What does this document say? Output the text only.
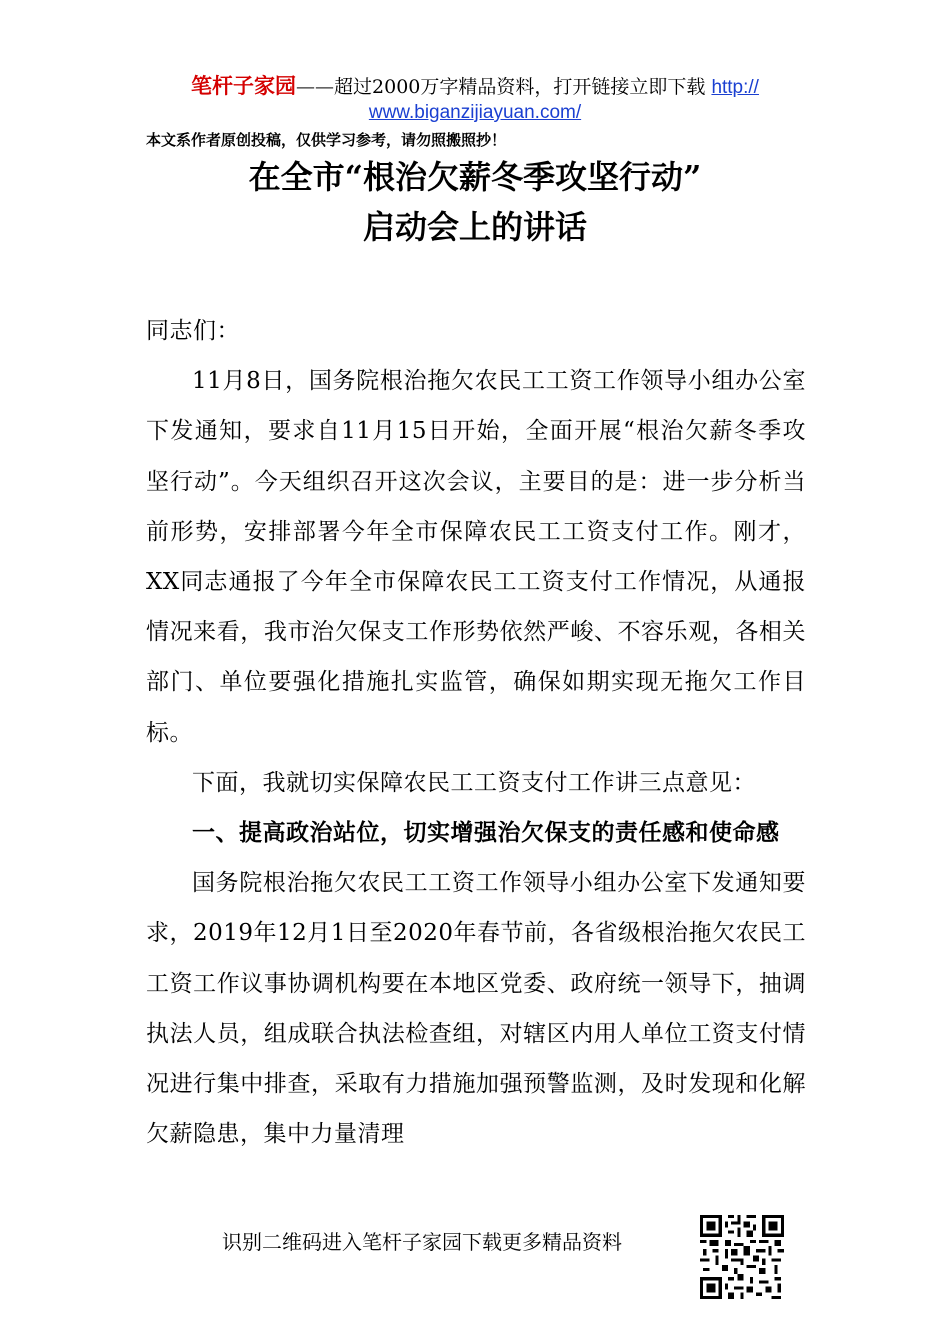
笔杆子家园——超过2000万字精品资料，打开链接立即下载 http://
www.biganzijiayuan.com/
本文系作者原创投稿，仅供学习参考，请勿照搬照抄！
在全市“根治欠薪冬季攻坚行动”
启动会上的讲话

同志们：

11月8日，国务院根治拖欠农民工工资工作领导小组办公室下发通知，要求自11月15日开始，全面开展“根治欠薪冬季攻坚行动”。今天组织召开这次会议，主要目的是：进一步分析当前形势，安排部署今年全市保障农民工工资支付工作。刚才，XX同志通报了今年全市保障农民工工资支付工作情况，从通报情况来看，我市治欠保支工作形势依然严峻、不容乐观，各相关部门、单位要强化措施扎实监管，确保如期实现无拖欠工作目标。

下面，我就切实保障农民工工资支付工作讲三点意见：

一、提高政治站位，切实增强治欠保支的责任感和使命感

国务院根治拖欠农民工工资工作领导小组办公室下发通知要求，2019年12月1日至2020年春节前，各省级根治拖欠农民工工资工作议事协调机构要在本地区党委、政府统一领导下，抽调执法人员，组成联合执法检查组，对辖区内用人单位工资支付情况进行集中排查，采取有力措施加强预警监测，及时发现和化解欠薪隐患，集中力量清理

识别二维码进入笔杆子家园下载更多精品资料
